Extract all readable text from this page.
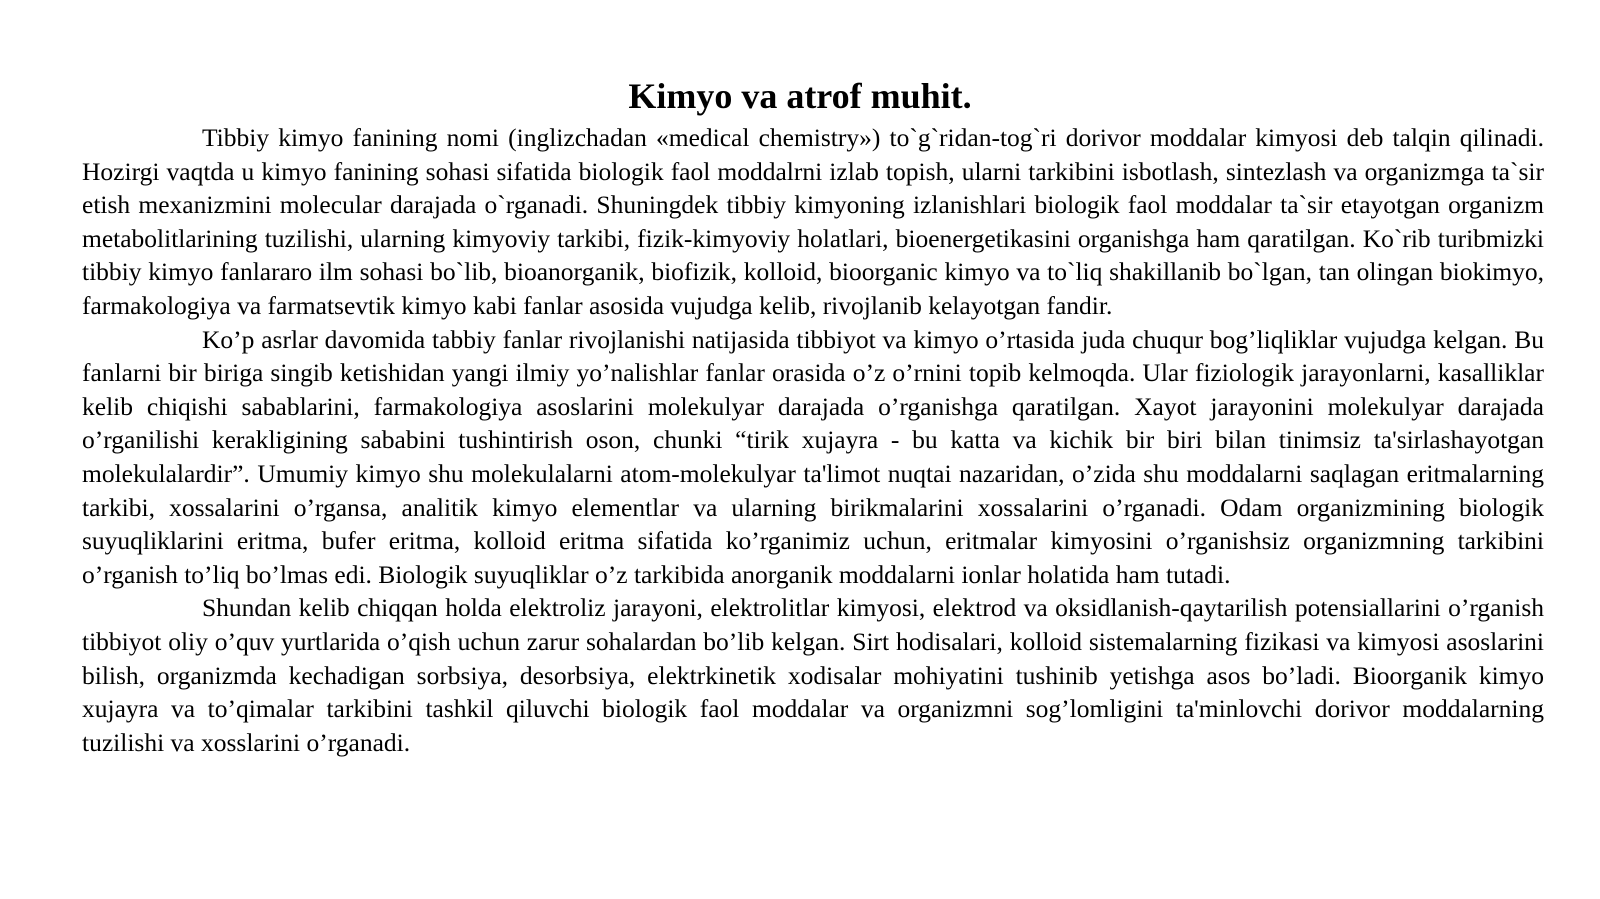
Kimyo va atrof muhit.

Tibbiy kimyo fanining nomi (inglizchadan «medical chemistry») to`g`ridan-tog`ri dorivor moddalar kimyosi deb talqin qilinadi. Hozirgi vaqtda u kimyo fanining sohasi sifatida biologik faol moddalrni izlab topish, ularni tarkibini isbotlash, sintezlash va organizmga ta`sir etish mexanizmini molecular darajada o`rganadi. Shuningdek tibbiy kimyoning izlanishlari biologik faol moddalar ta`sir etayotgan organizm metabolitlarining tuzilishi, ularning kimyoviy tarkibi, fizik-kimyoviy holatlari, bioenergetikasini organishga ham qaratilgan. Ko`rib turibmizki tibbiy kimyo fanlararo ilm sohasi bo`lib, bioanorganik, biofizik, kolloid, bioorganic kimyo va to`liq shakillanib bo`lgan, tan olingan biokimyo, farmakologiya va farmatsevtik kimyo kabi fanlar asosida vujudga kelib, rivojlanib kelayotgan fandir.

Ko’p asrlar davomida tabbiy fanlar rivojlanishi natijasida tibbiyot va kimyo o’rtasida juda chuqur bog’liqliklar vujudga kelgan. Bu fanlarni bir biriga singib ketishidan yangi ilmiy yo’nalishlar fanlar orasida o’z o’rnini topib kelmoqda. Ular fiziologik jarayonlarni, kasalliklar kelib chiqishi sabablarini, farmakologiya asoslarini molekulyar darajada o’rganishga qaratilgan. Xayot jarayonini molekulyar darajada o’rganilishi kerakligining sababini tushintirish oson, chunki “tirik xujayra - bu katta va kichik bir biri bilan tinimsiz ta'sirlashayotgan molekulalardir”. Umumiy kimyo shu molekulalarni atom-molekulyar ta'limot nuqtai nazaridan, o’zida shu moddalarni saqlagan eritmalarning tarkibi, xossalarini o’rgansa, analitik kimyo elementlar va ularning birikmalarini xossalarini o’rganadi. Odam organizmining biologik suyuqliklarini eritma, bufer eritma, kolloid eritma sifatida ko’rganimiz uchun, eritmalar kimyosini o’rganishsiz organizmning tarkibini o’rganish to’liq bo’lmas edi. Biologik suyuqliklar o’z tarkibida anorganik moddalarni ionlar holatida ham tutadi.

Shundan kelib chiqqan holda elektroliz jarayoni, elektrolitlar kimyosi, elektrod va oksidlanish-qaytarilish potensiallarini o’rganish tibbiyot oliy o’quv yurtlarida o’qish uchun zarur sohalardan bo’lib kelgan. Sirt hodisalari, kolloid sistemalarning fizikasi va kimyosi asoslarini bilish, organizmda kechadigan sorbsiya, desorbsiya, elektrkinetik xodisalar mohiyatini tushinib yetishga asos bo’ladi. Bioorganik kimyo xujayra va to’qimalar tarkibini tashkil qiluvchi biologik faol moddalar va organizmni sog’lomligini ta'minlovchi dorivor moddalarning tuzilishi va xosslarini o’rganadi.
